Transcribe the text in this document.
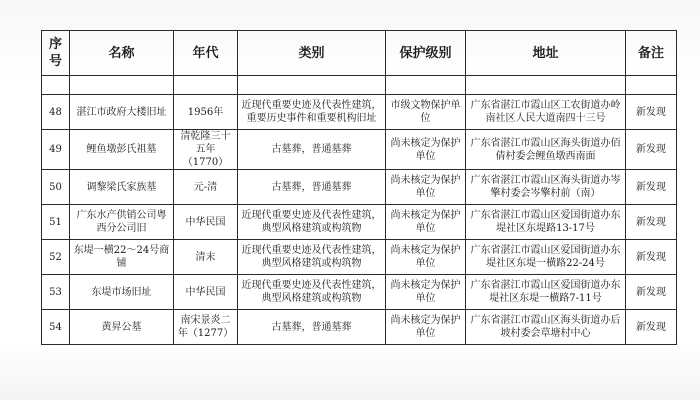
序号	名称	年代	类别	保护级别	地址	备注

48	湛江市政府大楼旧址	1956年	近现代重要史迹及代表性建筑，重要历史事件和重要机构旧址	市级文物保护单位	广东省湛江市霞山区工农街道办岭南社区人民大道南四十三号	新发现
49	鲤鱼墩彭氏祖墓	清乾隆三十五年（1770）	古墓葬，普通墓葬	尚未核定为保护单位	广东省湛江市霞山区海头街道办佰倩村委会鲤鱼墩西南面	新发现
50	调黎梁氏家族墓	元-清	古墓葬，普通墓葬	尚未核定为保护单位	广东省湛江市霞山区海头街道办岑擎村委会岑擎村前（南）	新发现
51	广东水产供销公司粤西分公司旧	中华民国	近现代重要史迹及代表性建筑，典型风格建筑或构筑物	尚未核定为保护单位	广东省湛江市霞山区爱国街道办东堤社区东堤路13-17号	新发现
52	东堤一横22～24号商铺	清末	近现代重要史迹及代表性建筑，典型风格建筑或构筑物	尚未核定为保护单位	广东省湛江市霞山区爱国街道办东堤社区东堤一横路22-24号	新发现
53	东堤市场旧址	中华民国	近现代重要史迹及代表性建筑，典型风格建筑或构筑物	尚未核定为保护单位	广东省湛江市霞山区爱国街道办东堤社区东堤一横路7-11号	新发现
54	黄昇公墓	南宋景炎二年（1277）	古墓葬，普通墓葬	尚未核定为保护单位	广东省湛江市霞山区海头街道办后坡村委会草塘村中心	新发现
